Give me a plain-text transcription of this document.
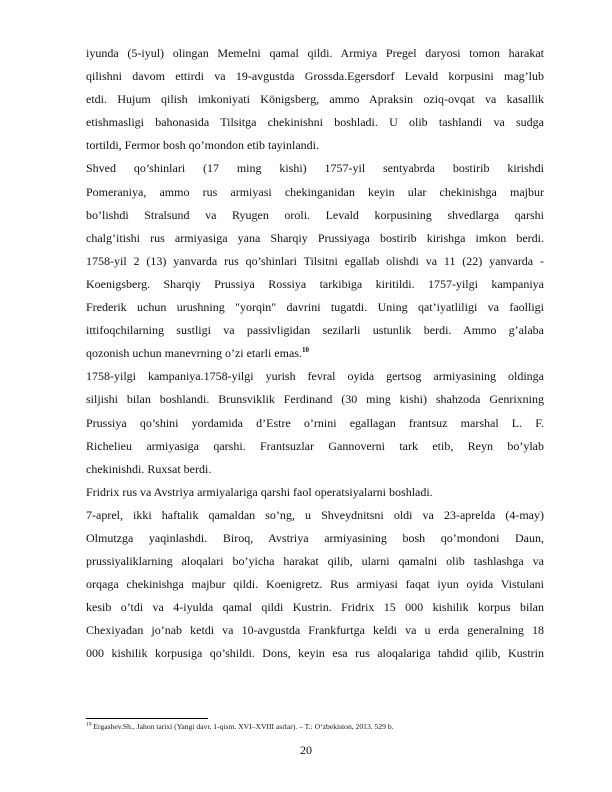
iyunda (5-iyul) olingan Memelni qamal qildi. Armiya Pregel daryosi tomon harakat
qilishni davom ettirdi va 19-avgustda Grossda.Egersdorf Levald korpusini mag’lub
etdi. Hujum qilish imkoniyati Königsberg, ammo Apraksin oziq-ovqat va kasallik
etishmasligi bahonasida Tilsitga chekinishni boshladi. U olib tashlandi va sudga
tortildi, Fermor bosh qo’mondon etib tayinlandi.
Shved qo’shinlari (17 ming kishi) 1757-yil sentyabrda bostirib kirishdi
Pomeraniya, ammo rus armiyasi chekinganidan keyin ular chekinishga majbur
bo’lishdi Stralsund va Ryugen oroli. Levald korpusining shvedlarga qarshi
chalg’itishi rus armiyasiga yana Sharqiy Prussiyaga bostirib kirishga imkon berdi.
1758-yil 2 (13) yanvarda rus qo’shinlari Tilsitni egallab olishdi va 11 (22) yanvarda -
Koenigsberg. Sharqiy Prussiya Rossiya tarkibiga kiritildi. 1757-yilgi kampaniya
Frederik uchun urushning "yorqin" davrini tugatdi. Uning qat’iyatliligi va faolligi
ittifoqchilarning sustligi va passivligidan sezilarli ustunlik berdi. Ammo g’alaba
qozonish uchun manevrning o’zi etarli emas.$^{10}$
1758-yilgi kampaniya.1758-yilgi yurish fevral oyida gertsog armiyasining oldinga
siljishi bilan boshlandi. Brunsviklik Ferdinand (30 ming kishi) shahzoda Genrixning
Prussiya qo’shini yordamida d’Estre o’rnini egallagan frantsuz marshal L. F.
Richelieu armiyasiga qarshi. Frantsuzlar Gannoverni tark etib, Reyn bo’ylab
chekinishdi. Ruxsat berdi.
Fridrix rus va Avstriya armiyalariga qarshi faol operatsiyalarni boshladi.
7-aprel, ikki haftalik qamaldan so’ng, u Shveydnitsni oldi va 23-aprelda (4-may)
Olmutzga yaqinlashdi. Biroq, Avstriya armiyasining bosh qo’mondoni Daun,
prussiyaliklarning aloqalari bo’yicha harakat qilib, ularni qamalni olib tashlashga va
orqaga chekinishga majbur qildi. Koenigretz. Rus armiyasi faqat iyun oyida Vistulani
kesib o’tdi va 4-iyulda qamal qildi Kustrin. Fridrix 15 000 kishilik korpus bilan
Chexiyadan jo’nab ketdi va 10-avgustda Frankfurtga keldi va u erda generalning 18
000 kishilik korpusiga qo’shildi. Dons, keyin esa rus aloqalariga tahdid qilib, Kustrin
$^{10}$ Ergashev.Sh., Jahon tarixi (Yangi davr. 1-qism. XVI–XVIII asrlar). – T.: O‘zbekiston, 2013. 529 b.
20
